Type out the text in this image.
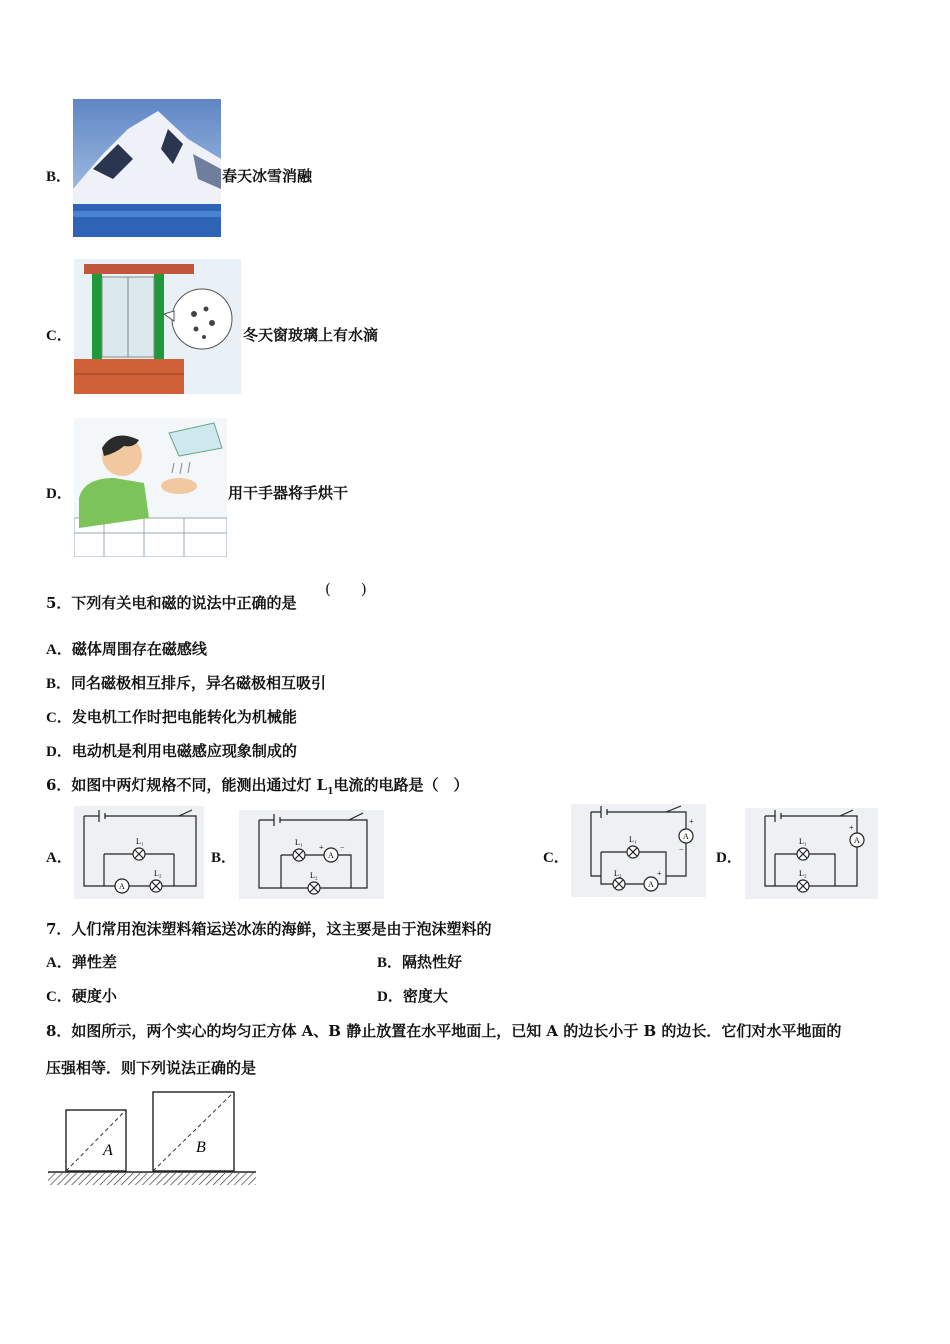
B．	春天冰雪消融
C．	冬天窗玻璃上有水滴
D．	用干手器将手烘干
5．下列有关电和磁的说法中正确的是
(　　)
A．磁体周围存在磁感线
B．同名磁极相互排斥，异名磁极相互吸引
C．发电机工作时把电能转化为机械能
D．电动机是利用电磁感应现象制成的
6．如图中两灯规格不同，能测出通过灯 $L_1$电流的电路是（　）
A．
L₁
L₂
A
B．
L₁
L₂
A
+ −
C．
L₁
L₂
A
A
+
−
+
D．
L₁
L₂
A
+
7．人们常用泡沫塑料箱运送冰冻的海鲜，这主要是由于泡沫塑料的
A．弹性差	B．隔热性好
C．硬度小	D．密度大
8．如图所示，两个实心的均匀正方体 A、B 静止放置在水平地面上，已知 A 的边长小于 B 的边长．它们对水平地面的
压强相等．则下列说法正确的是
A	B
